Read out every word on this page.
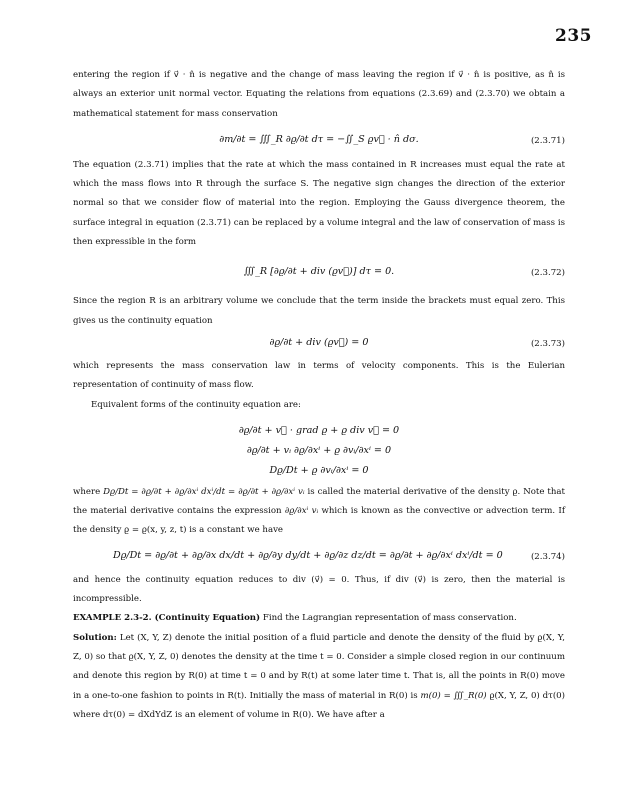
235

entering the region if v⃗ · n̂ is negative and the change of mass leaving the region if v⃗ · n̂ is positive, as n̂ is always an exterior unit normal vector. Equating the relations from equations (2.3.69) and (2.3.70) we obtain a mathematical statement for mass conservation

∂m/∂t = ∭_R ∂ϱ/∂t dτ = −∬_S ϱv⃗ · n̂ dσ.	(2.3.71)

The equation (2.3.71) implies that the rate at which the mass contained in R increases must equal the rate at which the mass flows into R through the surface S. The negative sign changes the direction of the exterior normal so that we consider flow of material into the region. Employing the Gauss divergence theorem, the surface integral in equation (2.3.71) can be replaced by a volume integral and the law of conservation of mass is then expressible in the form

∭_R [∂ϱ/∂t + div (ϱv⃗)] dτ = 0.	(2.3.72)

Since the region R is an arbitrary volume we conclude that the term inside the brackets must equal zero. This gives us the continuity equation

∂ϱ/∂t + div (ϱv⃗) = 0	(2.3.73)

which represents the mass conservation law in terms of velocity components. This is the Eulerian representation of continuity of mass flow.

Equivalent forms of the continuity equation are:

∂ϱ/∂t + v⃗ · grad ϱ + ϱ div v⃗ = 0
∂ϱ/∂t + vᵢ ∂ϱ/∂xⁱ + ϱ ∂vᵢ/∂xⁱ = 0
Dϱ/Dt + ϱ ∂vᵢ/∂xⁱ = 0

where Dϱ/Dt = ∂ϱ/∂t + ∂ϱ/∂xⁱ dxⁱ/dt = ∂ϱ/∂t + ∂ϱ/∂xⁱ vᵢ is called the material derivative of the density ϱ. Note that the material derivative contains the expression ∂ϱ/∂xⁱ vᵢ which is known as the convective or advection term. If the density ϱ = ϱ(x, y, z, t) is a constant we have

Dϱ/Dt = ∂ϱ/∂t + ∂ϱ/∂x dx/dt + ∂ϱ/∂y dy/dt + ∂ϱ/∂z dz/dt = ∂ϱ/∂t + ∂ϱ/∂xⁱ dxⁱ/dt = 0	(2.3.74)

and hence the continuity equation reduces to div (v⃗) = 0. Thus, if div (v⃗) is zero, then the material is incompressible.

EXAMPLE 2.3-2. (Continuity Equation) Find the Lagrangian representation of mass conservation.

Solution: Let (X, Y, Z) denote the initial position of a fluid particle and denote the density of the fluid by ϱ(X, Y, Z, 0) so that ϱ(X, Y, Z, 0) denotes the density at the time t = 0. Consider a simple closed region in our continuum and denote this region by R(0) at time t = 0 and by R(t) at some later time t. That is, all the points in R(0) move in a one-to-one fashion to points in R(t). Initially the mass of material in R(0) is m(0) = ∭_R(0) ϱ(X, Y, Z, 0) dτ(0) where dτ(0) = dXdYdZ is an element of volume in R(0). We have after a
